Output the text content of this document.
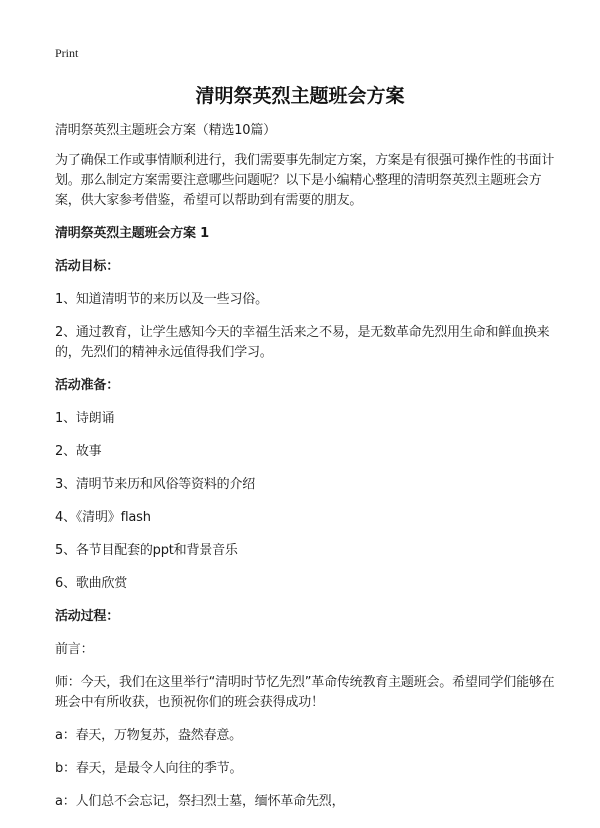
Print
清明祭英烈主题班会方案

清明祭英烈主题班会方案（精选10篇）

为了确保工作或事情顺利进行，我们需要事先制定方案，方案是有很强可操作性的书面计划。那么制定方案需要注意哪些问题呢？以下是小编精心整理的清明祭英烈主题班会方案，供大家参考借鉴，希望可以帮助到有需要的朋友。

清明祭英烈主题班会方案 1

活动目标：

1、知道清明节的来历以及一些习俗。

2、通过教育，让学生感知今天的幸福生活来之不易，是无数革命先烈用生命和鲜血换来的，先烈们的精神永远值得我们学习。

活动准备：

1、诗朗诵

2、故事

3、清明节来历和风俗等资料的介绍

4、《清明》flash

5、各节目配套的ppt和背景音乐

6、歌曲欣赏

活动过程：

前言：

师：今天，我们在这里举行“清明时节忆先烈”革命传统教育主题班会。希望同学们能够在班会中有所收获，也预祝你们的班会获得成功！

a：春天，万物复苏，盎然春意。

b：春天，是最令人向往的季节。

a：人们总不会忘记，祭扫烈士墓，缅怀革命先烈，
